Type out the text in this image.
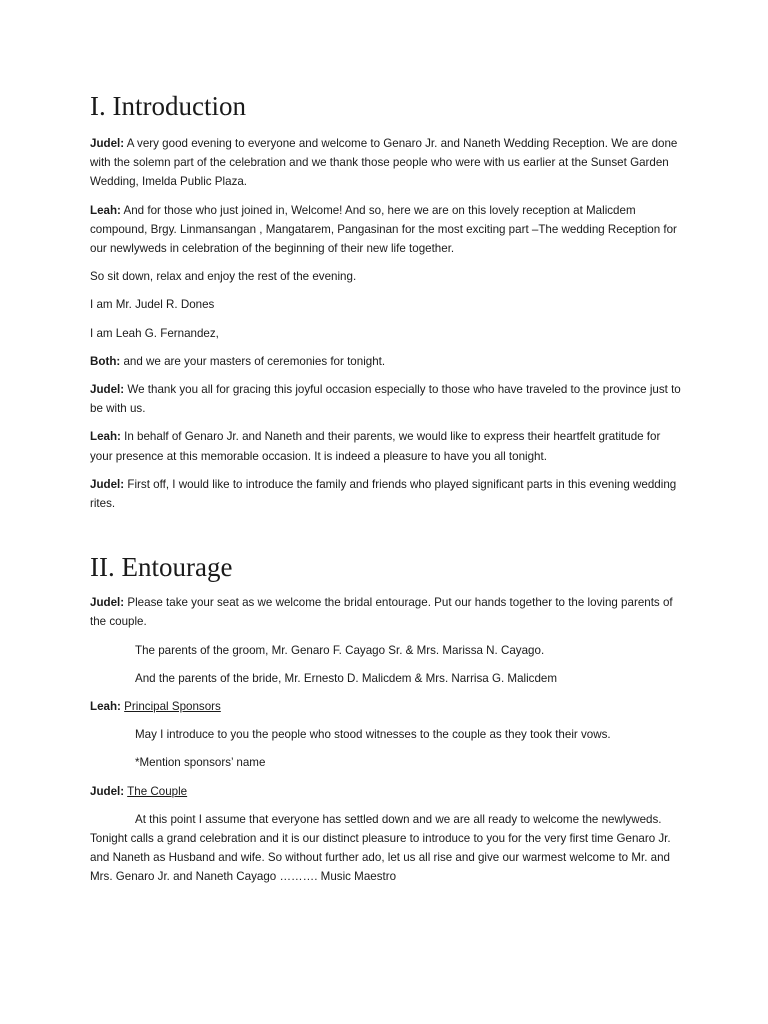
I. Introduction

Judel: A very good evening to everyone and welcome to Genaro Jr. and Naneth Wedding Reception. We are done with the solemn part of the celebration and we thank those people who were with us earlier at the Sunset Garden Wedding, Imelda Public Plaza.

Leah: And for those who just joined in, Welcome! And so, here we are on this lovely reception at Malicdem compound, Brgy. Linmansangan , Mangatarem, Pangasinan for the most exciting part –The wedding Reception for our newlyweds in celebration of the beginning of their new life together.

So sit down, relax and enjoy the rest of the evening.

I am Mr. Judel R. Dones

I am Leah G. Fernandez,

Both: and we are your masters of ceremonies for tonight.

Judel: We thank you all for gracing this joyful occasion especially to those who have traveled to the province just to be with us.

Leah: In behalf of Genaro Jr. and Naneth and their parents, we would like to express their heartfelt gratitude for your presence at this memorable occasion. It is indeed a pleasure to have you all tonight.

Judel: First off, I would like to introduce the family and friends who played significant parts in this evening wedding rites.

II. Entourage

Judel: Please take your seat as we welcome the bridal entourage. Put our hands together to the loving parents of the couple.

The parents of the groom, Mr. Genaro F. Cayago Sr. & Mrs. Marissa N. Cayago.

And the parents of the bride, Mr. Ernesto D. Malicdem & Mrs. Narrisa G. Malicdem

Leah: Principal Sponsors

May I introduce to you the people who stood witnesses to the couple as they took their vows.

*Mention sponsors’ name

Judel: The Couple

At this point I assume that everyone has settled down and we are all ready to welcome the newlyweds. Tonight calls a grand celebration and it is our distinct pleasure to introduce to you for the very first time Genaro Jr. and Naneth as Husband and wife. So without further ado, let us all rise and give our warmest welcome to Mr. and Mrs. Genaro Jr. and Naneth Cayago ………. Music Maestro
